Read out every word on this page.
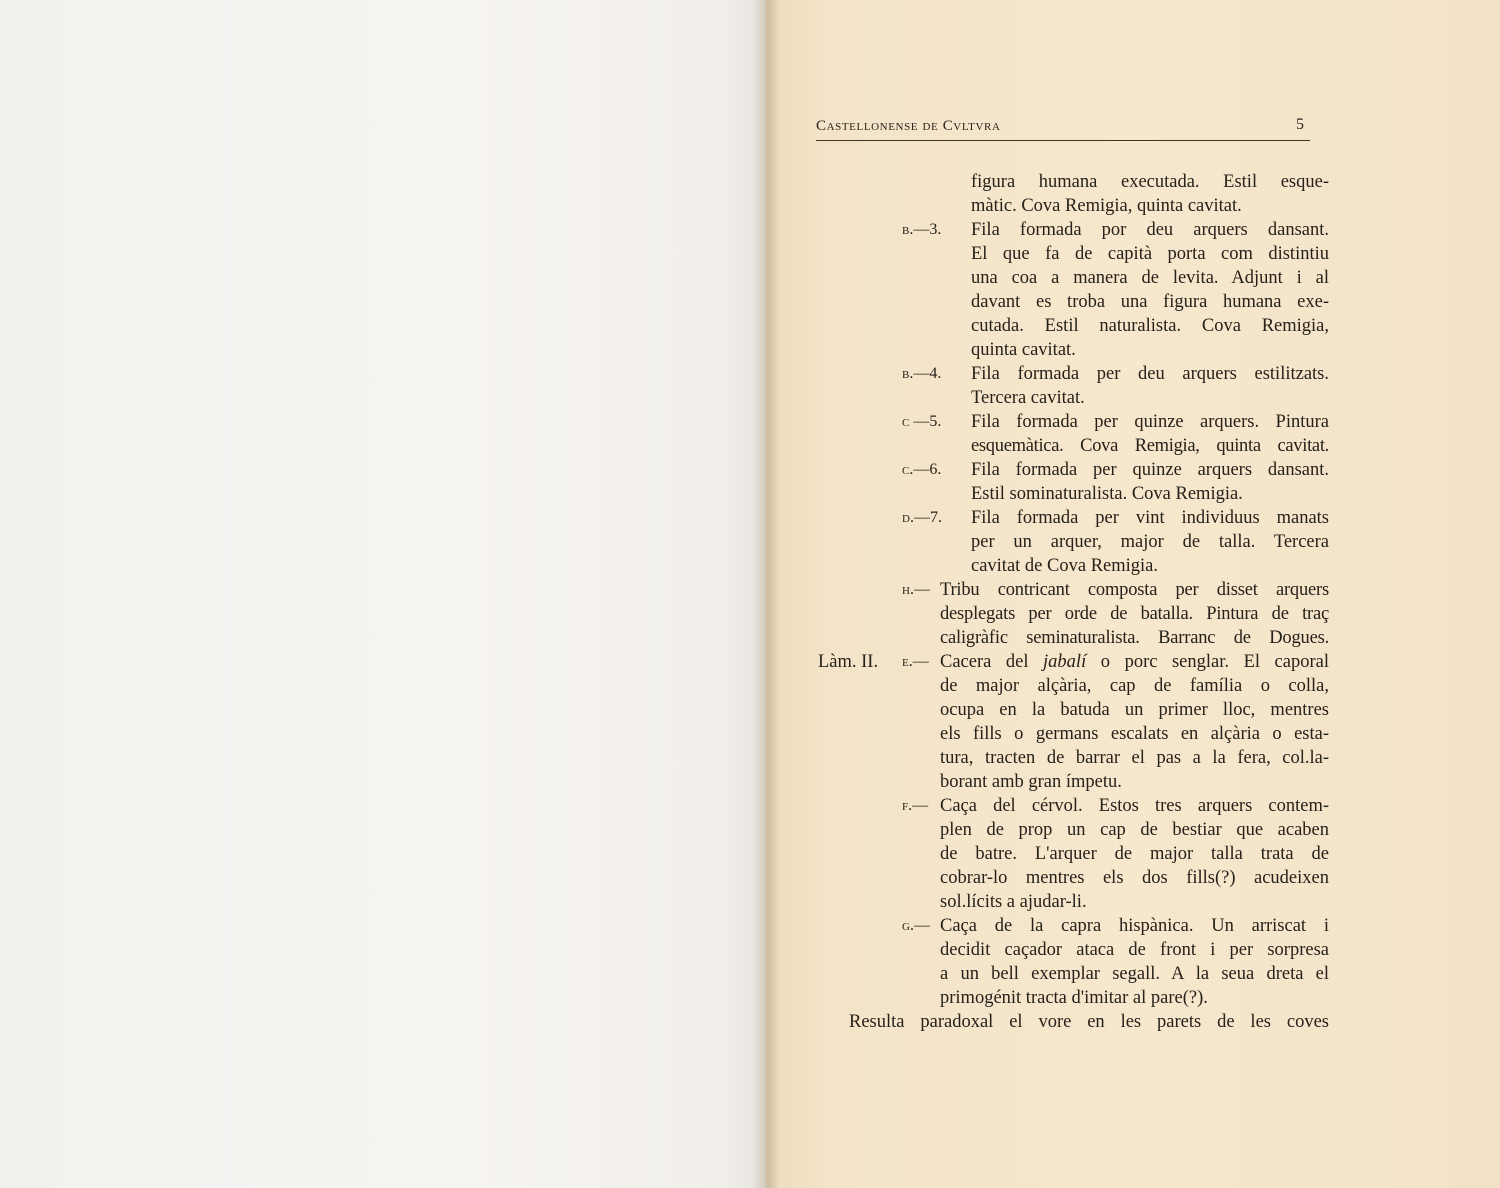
Castellonense de Cvltvra	5
figura humana executada. Estil esque-
màtic. Cova Remigia, quinta cavitat.
b.—3. Fila formada por deu arquers dansant.
El que fa de capità porta com distintiu
una coa a manera de levita. Adjunt i al
davant es troba una figura humana exe-
cutada. Estil naturalista. Cova Remigia,
quinta cavitat.
b.—4. Fila formada per deu arquers estilitzats.
Tercera cavitat.
c —5. Fila formada per quinze arquers. Pintura
esquemàtica. Cova Remigia, quinta cavitat.
c.—6. Fila formada per quinze arquers dansant.
Estil sominaturalista. Cova Remigia.
d.—7. Fila formada per vint individuus manats
per un arquer, major de talla. Tercera
cavitat de Cova Remigia.
h.— Tribu contricant composta per disset arquers
desplegats per orde de batalla. Pintura de traç
caligràfic seminaturalista. Barranc de Dogues.
Làm. II. e.— Cacera del jabalí o porc senglar. El caporal
de major alçària, cap de família o colla,
ocupa en la batuda un primer lloc, mentres
els fills o germans escalats en alçària o esta-
tura, tracten de barrar el pas a la fera, col.la-
borant amb gran ímpetu.
f.— Caça del cérvol. Estos tres arquers contem-
plen de prop un cap de bestiar que acaben
de batre. L'arquer de major talla trata de
cobrar-lo mentres els dos fills(?) acudeixen
sol.lícits a ajudar-li.
g.— Caça de la capra hispànica. Un arriscat i
decidit caçador ataca de front i per sorpresa
a un bell exemplar segall. A la seua dreta el
primogénit tracta d'imitar al pare(?).
Resulta paradoxal el vore en les parets de les coves
